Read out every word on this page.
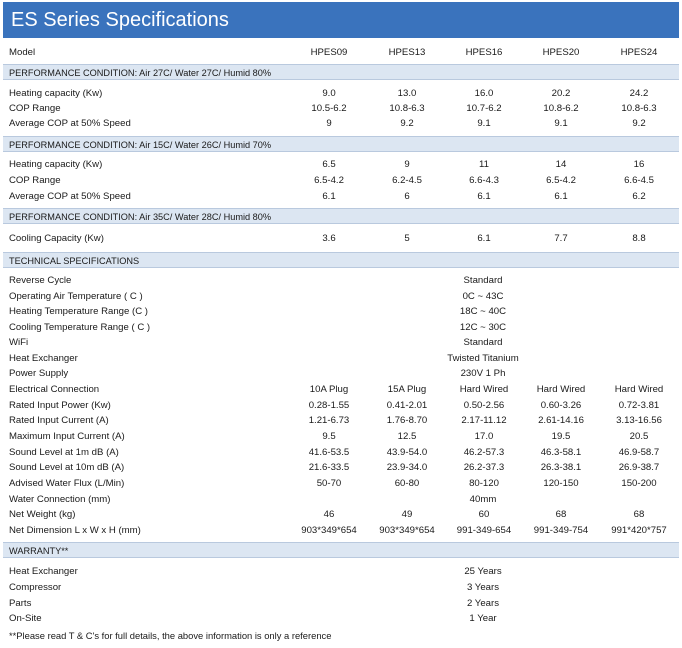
ES Series Specifications
Model	HPES09	HPES13	HPES16	HPES20	HPES24
PERFORMANCE CONDITION: Air 27C/ Water 27C/ Humid 80%
Heating capacity (Kw)	9.0	13.0	16.0	20.2	24.2
COP Range	10.5-6.2	10.8-6.3	10.7-6.2	10.8-6.2	10.8-6.3
Average COP at 50% Speed	9	9.2	9.1	9.1	9.2
PERFORMANCE CONDITION: Air 15C/ Water 26C/ Humid 70%
Heating capacity (Kw)	6.5	9	11	14	16
COP Range	6.5-4.2	6.2-4.5	6.6-4.3	6.5-4.2	6.6-4.5
Average COP at 50% Speed	6.1	6	6.1	6.1	6.2
PERFORMANCE CONDITION: Air 35C/ Water 28C/ Humid 80%
Cooling Capacity (Kw)	3.6	5	6.1	7.7	8.8
TECHNICAL SPECIFICATIONS
Reverse Cycle	Standard
Operating Air Temperature ( C )	0C ~ 43C
Heating Temperature Range (C )	18C ~ 40C
Cooling Temperature Range ( C )	12C ~ 30C
WiFi	Standard
Heat Exchanger	Twisted Titanium
Power Supply	230V 1 Ph
Electrical Connection	10A Plug	15A Plug	Hard Wired	Hard Wired	Hard Wired
Rated Input Power (Kw)	0.28-1.55	0.41-2.01	0.50-2.56	0.60-3.26	0.72-3.81
Rated Input Current (A)	1.21-6.73	1.76-8.70	2.17-11.12	2.61-14.16	3.13-16.56
Maximum Input Current (A)	9.5	12.5	17.0	19.5	20.5
Sound Level at 1m dB (A)	41.6-53.5	43.9-54.0	46.2-57.3	46.3-58.1	46.9-58.7
Sound Level at 10m dB (A)	21.6-33.5	23.9-34.0	26.2-37.3	26.3-38.1	26.9-38.7
Advised Water Flux (L/Min)	50-70	60-80	80-120	120-150	150-200
Water Connection (mm)	40mm
Net Weight (kg)	46	49	60	68	68
Net Dimension L x W x H (mm)	903*349*654	903*349*654	991-349-654	991-349-754	991*420*757
WARRANTY**
Heat Exchanger	25 Years
Compressor	3 Years
Parts	2 Years
On-Site	1 Year
**Please read T & C's for full details, the above information is only a reference
